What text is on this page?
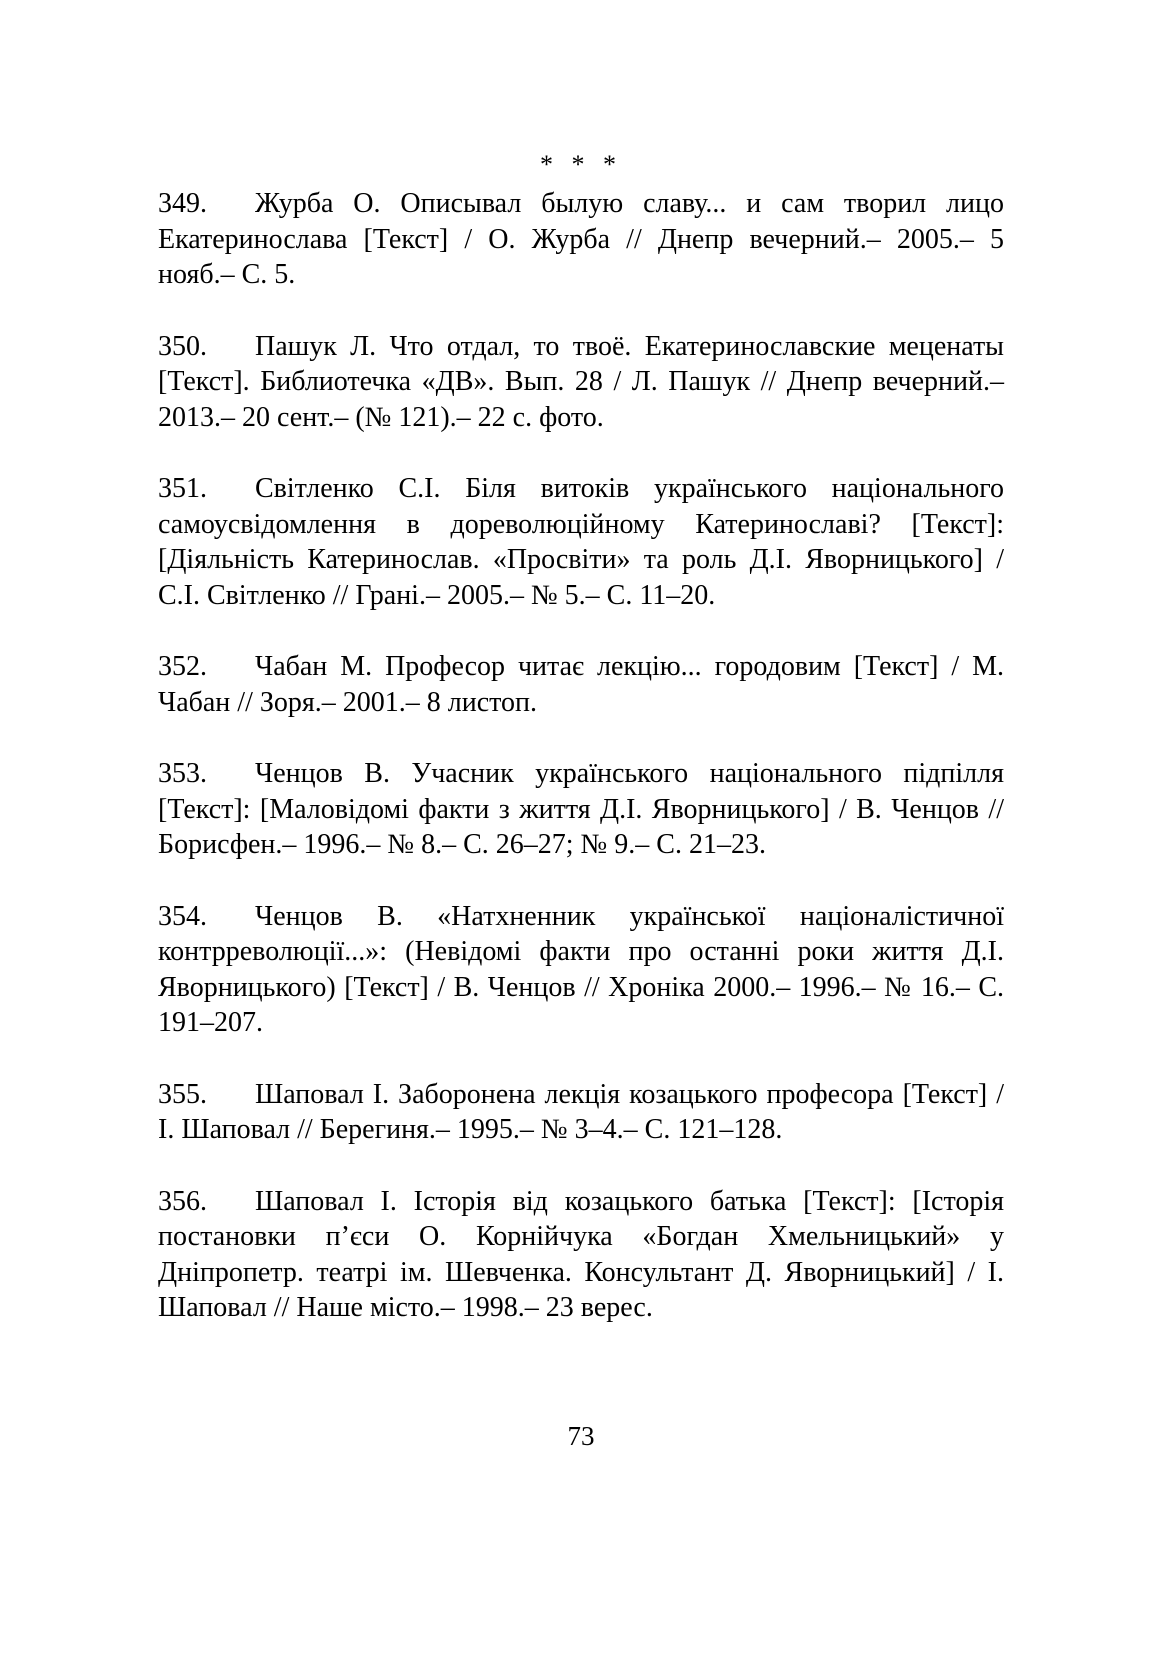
* * *

349. Журба О. Описывал былую славу... и сам творил лицо Екатеринослава [Текст] / О. Журба // Днепр вечерний.– 2005.– 5 нояб.– С. 5.

350. Пашук Л. Что отдал, то твоё. Екатеринославские меценаты [Текст]. Библиотечка «ДВ». Вып. 28 / Л. Пашук // Днепр вечерний.– 2013.– 20 сент.– (№ 121).– 22 с. фото.

351. Світленко С.І. Біля витоків українського національного самоусвідомлення в дореволюційному Катеринославі? [Текст]: [Діяльність Катеринослав. «Просвіти» та роль Д.І. Яворницького] / С.І. Світленко // Грані.– 2005.– № 5.– С. 11–20.

352. Чабан М. Професор читає лекцію... городовим [Текст] / М. Чабан // Зоря.– 2001.– 8 листоп.

353. Ченцов В. Учасник українського національного підпілля [Текст]: [Маловідомі факти з життя Д.І. Яворницького] / В. Ченцов // Борисфен.– 1996.– № 8.– С. 26–27; № 9.– С. 21–23.

354. Ченцов В. «Натхненник української націоналістичної контрреволюції...»: (Невідомі факти про останні роки життя Д.І. Яворницького) [Текст] / В. Ченцов // Хроніка 2000.– 1996.– № 16.– С. 191–207.

355. Шаповал І. Заборонена лекція козацького професора [Текст] / І. Шаповал // Берегиня.– 1995.– № 3–4.– С. 121–128.

356. Шаповал І. Історія від козацького батька [Текст]: [Історія постановки п’єси О. Корнійчука «Богдан Хмельницький» у Дніпропетр. театрі ім. Шевченка. Консультант Д. Яворницький] / І. Шаповал // Наше місто.– 1998.– 23 верес.

73
